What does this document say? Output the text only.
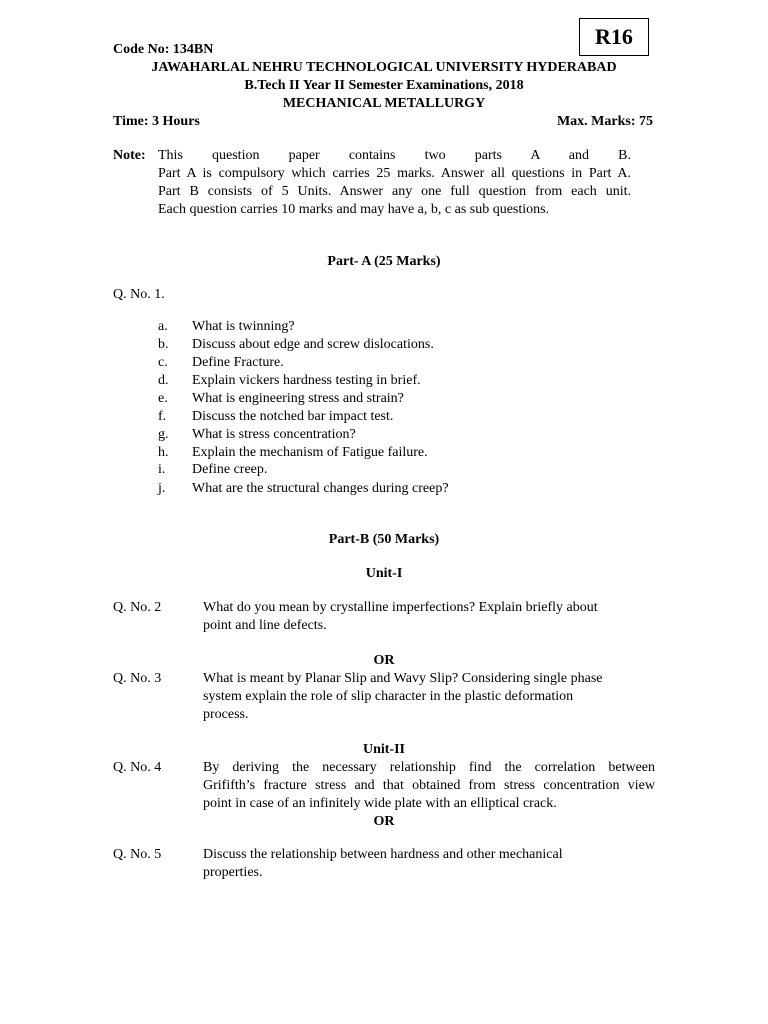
Code No: 134BN
R16
JAWAHARLAL NEHRU TECHNOLOGICAL UNIVERSITY HYDERABAD
B.Tech II Year II Semester Examinations, 2018
MECHANICAL METALLURGY
Time: 3 Hours	Max. Marks: 75
Note: This question paper contains two parts A and B.
Part A is compulsory which carries 25 marks. Answer all questions in Part A.
Part B consists of 5 Units. Answer any one full question from each unit.
Each question carries 10 marks and may have a, b, c as sub questions.
Part- A (25 Marks)
Q. No. 1.
a. What is twinning?
b. Discuss about edge and screw dislocations.
c. Define Fracture.
d. Explain vickers hardness testing in brief.
e. What is engineering stress and strain?
f. Discuss the notched bar impact test.
g. What is stress concentration?
h. Explain the mechanism of Fatigue failure.
i. Define creep.
j. What are the structural changes during creep?
Part-B (50 Marks)
Unit-I
Q. No. 2	What do you mean by crystalline imperfections? Explain briefly about
point and line defects.
OR
Q. No. 3	What is meant by Planar Slip and Wavy Slip? Considering single phase
system explain the role of slip character in the plastic deformation
process.
Unit-II
Q. No. 4	By deriving the necessary relationship find the correlation between
Grififth’s fracture stress and that obtained from stress concentration view
point in case of an infinitely wide plate with an elliptical crack.
OR
Q. No. 5	Discuss the relationship between hardness and other mechanical
properties.
